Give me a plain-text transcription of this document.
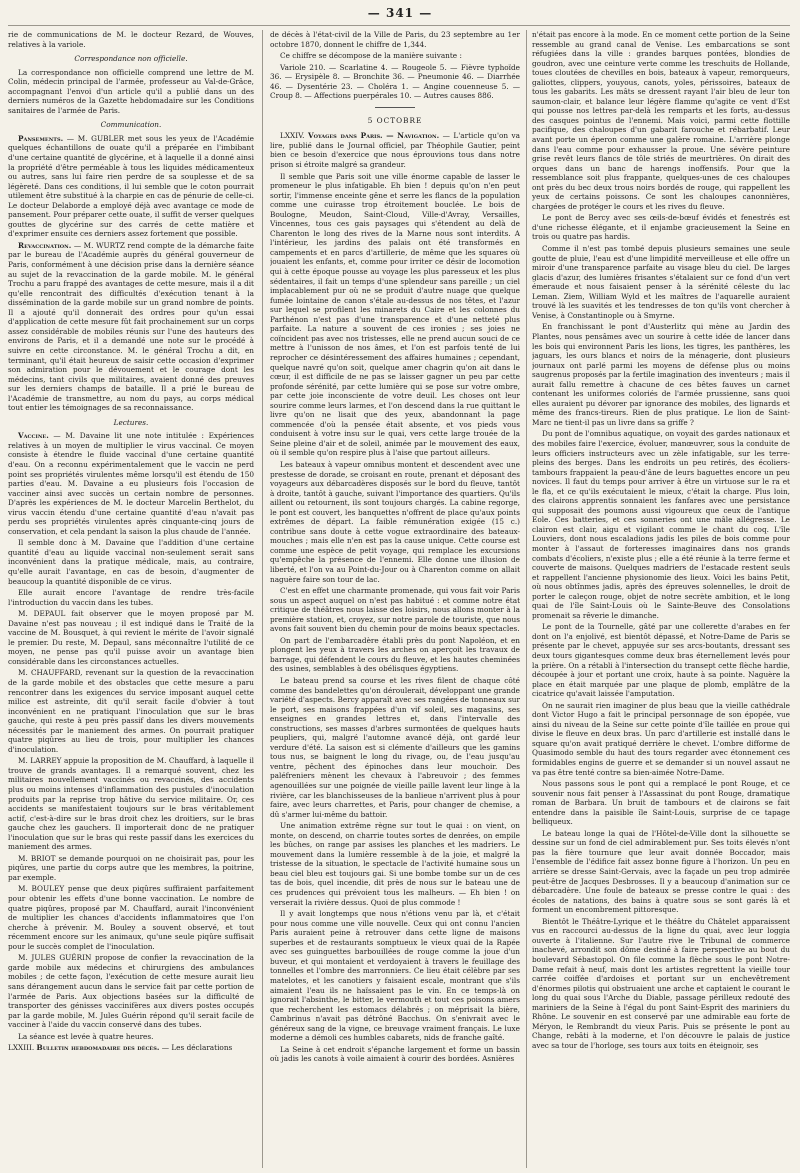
— 341 —

rie de communications de M. le docteur Rezard, de Wouves, relatives à la variole.

Correspondance non officielle.

La correspondance non officielle comprend une lettre de M. Colin, médecin principal de l'armée, professeur au Val-de-Grâce, accompagnant l'envoi d'un article qu'il a publié dans un des derniers numéros de la Gazette hebdomadaire sur les Conditions sanitaires de l'armée de Paris.

Communication.

Pansements. — M. GUBLER met sous les yeux de l'Académie quelques échantillons de ouate qu'il a préparée en l'imbibant d'une certaine quantité de glycérine, et à laquelle il a donné ainsi la propriété d'être perméable à tous les liquides médicamenteux ou autres, sans lui faire rien perdre de sa souplesse et de sa légèreté. Dans ces conditions, il lui semble que le coton pourrait utilement être substitué à la charpie en cas de pénurie de celle-ci. Le docteur Delaborde a employé déjà avec avantage ce mode de pansement. Pour préparer cette ouate, il suffit de verser quelques gouttes de glycérine sur des carrés de cette matière et d'exprimer ensuite ces derniers assez fortement que possible.

Revaccination. — M. WURTZ rend compte de la démarche faite par le bureau de l'Académie auprès du général gouverneur de Paris, conformément à une décision prise dans la dernière séance au sujet de la revaccination de la garde mobile. M. le général Trochu a paru frappé des avantages de cette mesure, mais il a dit qu'elle rencontrait des difficultés d'exécution tenant à la dissémination de la garde mobile sur un grand nombre de points. Il a ajouté qu'il donnerait des ordres pour qu'un essai d'application de cette mesure fût fait prochainement sur un corps assez considérable de mobiles réunis sur l'une des hauteurs des environs de Paris, et il a demandé une note sur le procédé à suivre en cette circonstance. M. le général Trochu a dit, en terminant, qu'il était heureux de saisir cette occasion d'exprimer son admiration pour le dévouement et le courage dont les médecins, tant civils que militaires, avaient donné des preuves sur les derniers champs de bataille. Il a prié le bureau de l'Académie de transmettre, au nom du pays, au corps médical tout entier les témoignages de sa reconnaissance.

Lectures.

Vaccine. — M. Davaine lit une note intitulée : Expériences relatives à un moyen de multiplier le virus vaccinal. Ce moyen consiste à étendre le fluide vaccinal d'une certaine quantité d'eau. On a reconnu expérimentalement que le vaccin ne perd point ses propriétés virulentes même lorsqu'il est étendu de 150 parties d'eau. M. Davaine a eu plusieurs fois l'occasion de vacciner ainsi avec succès un certain nombre de personnes. D'après les expériences de M. le docteur Marcelin Berthelot, du virus vaccin étendu d'une certaine quantité d'eau n'avait pas perdu ses propriétés virulentes après cinquante-cinq jours de conservation, et cela pendant la saison la plus chaude de l'année.

Il semble donc à M. Davaine que l'addition d'une certaine quantité d'eau au liquide vaccinal non-seulement serait sans inconvénient dans la pratique médicale, mais, au contraire, qu'elle aurait l'avantage, en cas de besoin, d'augmenter de beaucoup la quantité disponible de ce virus.

Elle aurait encore l'avantage de rendre très-facile l'introduction du vaccin dans les tubes.

M. DEPAUL fait observer que le moyen proposé par M. Davaine n'est pas nouveau ; il est indiqué dans le Traité de la vaccine de M. Bousquet, à qui revient le mérite de l'avoir signalé le premier. Du reste, M. Depaul, sans méconnaître l'utilité de ce moyen, ne pense pas qu'il puisse avoir un avantage bien considérable dans les circonstances actuelles.

M. CHAUFFARD, revenant sur la question de la revaccination de la garde mobile et des obstacles que cette mesure a paru rencontrer dans les exigences du service imposant auquel cette milice est astreinte, dit qu'il serait facile d'obvier à tout inconvénient en ne pratiquant l'inoculation que sur le bras gauche, qui reste à peu près passif dans les divers mouvements nécessités par le maniement des armes. On pourrait pratiquer quatre piqûres au lieu de trois, pour multiplier les chances d'inoculation.

M. LARREY appuie la proposition de M. Chauffard, à laquelle il trouve de grands avantages. Il a remarqué souvent, chez les militaires nouvellement vaccinés ou revaccinés, des accidents plus ou moins intenses d'inflammation des pustules d'inoculation produits par la reprise trop hâtive du service militaire. Or, ces accidents se manifestaient toujours sur le bras véritablement actif, c'est-à-dire sur le bras droit chez les droitiers, sur le bras gauche chez les gauchers. Il importerait donc de ne pratiquer l'inoculation que sur le bras qui reste passif dans les exercices du maniement des armes.

M. BRIOT se demande pourquoi on ne choisirait pas, pour les piqûres, une partie du corps autre que les membres, la poitrine, par exemple.

M. BOULEY pense que deux piqûres suffiraient parfaitement pour obtenir les effets d'une bonne vaccination. Le nombre de quatre piqûres, proposé par M. Chauffard, aurait l'inconvénient de multiplier les chances d'accidents inflammatoires que l'on cherche à prévenir. M. Bouley a souvent observé, et tout récemment encore sur les animaux, qu'une seule piqûre suffisait pour le succès complet de l'inoculation.

M. JULES GUÉRIN propose de confier la revaccination de la garde mobile aux médecins et chirurgiens des ambulances mobiles ; de cette façon, l'exécution de cette mesure aurait lieu sans dérangement aucun dans le service fait par cette portion de l'armée de Paris. Aux objections basées sur la difficulté de transporter des génisses vaccinifères aux divers postes occupés par la garde mobile, M. Jules Guérin répond qu'il serait facile de vacciner à l'aide du vaccin conservé dans des tubes.

La séance est levée à quatre heures.

LXXIII. Bulletin hebdomadaire des décès. — Les déclarations

de décès à l'état-civil de la Ville de Paris, du 23 septembre au 1er octobre 1870, donnent le chiffre de 1,344.

Ce chiffre se décompose de la manière suivante :

Variole 210. — Scarlatine 4. — Rougeole 5. — Fièvre typhoïde 36. — Erysipèle 8. — Bronchite 36. — Pneumonie 46. — Diarrhée 46. — Dysentérie 23. — Choléra 1. — Angine couenneuse 5. — Croup 8. — Affections puerpérales 10. — Autres causes 886.

5 OCTOBRE

LXXIV. Voyages dans Paris. — Navigation. — L'article qu'on va lire, publié dans le Journal officiel, par Théophile Gautier, peint bien ce besoin d'exercice que nous éprouvions tous dans notre prison si étroite malgré sa grandeur.

Il semble que Paris soit une ville énorme capable de lasser le promeneur le plus infatigable. Eh bien ! depuis qu'on n'en peut sortir, l'immense enceinte gêne et serre les flancs de la population comme une cuirasse trop étroitement bouclée. Le bois de Boulogne, Meudon, Saint-Cloud, Ville-d'Avray, Versailles, Vincennes, tous ces gais paysages qui s'étendent au delà de Charenton le long des rives de la Marne nous sont interdits. A l'intérieur, les jardins des palais ont été transformés en campements et en parcs d'artillerie, de même que les squares où jouaient les enfants, et, comme pour irriter ce désir de locomotion qui à cette époque pousse au voyage les plus paresseux et les plus sédentaires, il fait un temps d'une splendeur sans pareille ; un ciel implacablement pur où ne se produit d'autre nuage que quelque fumée lointaine de canon s'étale au-dessus de nos têtes, et l'azur sur lequel se profilent les minarets du Caire et les colonnes du Parthénon n'est pas d'une transparence et d'une netteté plus parfaite. La nature a souvent de ces ironies ; ses joies ne coïncident pas avec nos tristesses, elle ne prend aucun souci de ce mettre à l'unisson de nos âmes, et l'on est parfois tenté de lui reprocher ce désintéressement des affaires humaines ; cependant, quelque navré qu'on soit, quelque amer chagrin qu'on ait dans le cœur, il est difficile de ne pas se laisser gagner un peu par cette profonde sérénité, par cette lumière qui se pose sur votre ombre, par cette joie inconsciente de votre deuil. Les choses ont leur sourire comme leurs larmes, et l'on descend dans la rue quittant le livre qu'on ne lisait que des yeux, abandonnant la page commencée d'où la pensée était absente, et vos pieds vous conduisent à votre insu sur le quai, vers cette large trouée de la Seine pleine d'air et de soleil, animée par le mouvement des eaux, où il semble qu'on respire plus à l'aise que partout ailleurs.

Les bateaux à vapeur omnibus montent et descendent avec une prestesse de dorade, se croisant en route, prenant et déposant des voyageurs aux débarcadères disposés sur le bord du fleuve, tantôt à droite, tantôt à gauche, suivant l'importance des quartiers. Qu'ils aillent ou retournent, ils sont toujours chargés. La cabine regorge, le pont est couvert, les banquettes n'offrent de place qu'aux points extrêmes de départ. La faible rémunération exigée (15 c.) contribue sans doute à cette vogue extraordinaire des bateaux-mouches ; mais elle n'en est pas la cause unique. Cette course est comme une espèce de petit voyage, qui remplace les excursions qu'empêche la présence de l'ennemi. Elle donne une illusion de liberté, et l'on va au Point-du-Jour ou à Charenton comme on allait naguère faire son tour de lac.

C'est en effet une charmante promenade, qui vous fait voir Paris sous un aspect auquel on n'est pas habitué : et comme notre état critique de théâtres nous laisse des loisirs, nous allons monter à la première station, et, croyez, sur notre parole de touriste, que nous avons fait souvent bien du chemin pour de moins beaux spectacles.

On part de l'embarcadère établi près du pont Napoléon, et en plongent les yeux à travers les arches on aperçoit les travaux de barrage, qui défendent le cours du fleuve, et les hautes cheminées des usines, semblables à des obélisques égyptiens.

Le bateau prend sa course et les rives filent de chaque côté comme des bandelettes qu'on déroulerait, développant une grande variété d'aspects. Bercy apparaît avec ses rangées de tonneaux sur le port, ses maisons frappées d'un vif soleil, ses magasins, ses enseignes en grandes lettres et, dans l'intervalle des constructions, ses masses d'arbres surmontées de quelques hauts peupliers, qui, malgré l'automne avancé déjà, ont gardé leur verdure d'été. La saison est si clémente d'ailleurs que les gamins tous nus, se baignent le long du rivage, ou, de l'eau jusqu'au ventre, pêchent des épinoches dans leur mouchoir. Des paléfreniers mènent les chevaux à l'abreuvoir ; des femmes agenouillées sur une poignée de vieille paille lavent leur linge à la rivière, car les blanchisseuses de la banlieue n'arrivent plus à pour faire, avec leurs charrettes, et Paris, pour changer de chemise, a dû s'armer lui-même du battoir.

Une animation extrême règne sur tout le quai : on vient, on monte, on descend, on charrie toutes sortes de denrées, on empile les bûches, on range par assises les planches et les madriers. Le mouvement dans la lumière ressemble à de la joie, et malgré la tristesse de la situation, le spectacle de l'activité humaine sous un beau ciel bleu est toujours gai. Si une bombe tombe sur un de ces tas de bois, quel incendie, dit près de nous sur le bateau une de ces prudences qui prévoient tous les malheurs. — Eh bien ! on verserait la rivière dessus. Quoi de plus commode !

Il y avait longtemps que nous n'étions venu par là, et c'était pour nous comme une ville nouvelle. Ceux qui ont connu l'ancien Paris auraient peine à retrouver dans cette ligne de maisons superbes et de restaurants somptueux le vieux quai de la Rapée avec ses guinguettes barbouillées de rouge comme la joue d'un buveur, et qui montaient et verdoyaient à travers le feuillage des tonnelles et l'ombre des marronniers. Ce lieu était célèbre par ses matelotes, et les canotiers y faisaient escale, montrant que s'ils aimaient l'eau ils ne haïssaient pas le vin. En ce temps-là on ignorait l'absinthe, le bitter, le vermouth et tout ces poisons amers que recherchent les estomacs délabrés ; on méprisait la bière, Cambrinus n'avait pas détrôné Bacchus. On s'enivrait avec le généreux sang de la vigne, ce breuvage vraiment français. Le luxe moderne a démoli ces humbles cabarets, nids de franche gaîté.

La Seine à cet endroit s'épanche largement et forme un bassin où jadis les canots à voile aimaient à courir des bordées. Asnières

n'était pas encore à la mode. En ce moment cette portion de la Seine ressemble au grand canal de Venise. Les embarcations se sont réfugiées dans la ville : grandes barques pontées, blondies de goudron, avec une ceinture verte comme les treschuits de Hollande, toues cloutées de chevilles en bois, bateaux à vapeur, remorqueurs, galiottes, clippers, youyous, canots, yoles, périssoires, bateaux de tous les gabarits. Les mâts se dressent rayant l'air bleu de leur ton saumon-clair, et balance leur légère flamme qu'agite ce vent d'Est qui pousse nos lettres par-delà les remparts et les forts, au-dessus des casques pointus de l'ennemi. Mais voici, parmi cette flottille pacifique, des chaloupes d'un gabarit farouche et rébarbatif. Leur avant porte un éperon comme une galère romaine. L'arrière plonge dans l'eau comme pour exhausser la proue. Une sévère peinture grise revêt leurs flancs de tôle striés de meurtrières. On dirait des orques dans un banc de harengs inoffensifs. Pour que la ressemblance soit plus frappante, quelques-unes de ces chaloupes ont près du bec deux trous noirs bordés de rouge, qui rappellent les yeux de certains poissons. Ce sont les chaloupes canonnières, chargées de protéger le cours et les rives du fleuve.

Le pont de Bercy avec ses œils-de-bœuf évidés et fenestrés est d'une richesse élégante, et il enjambe gracieusement la Seine en trois ou quatre pas hardis.

Comme il n'est pas tombé depuis plusieurs semaines une seule goutte de pluie, l'eau est d'une limpidité merveilleuse et elle offre un miroir d'une transparence parfaite au visage bleu du ciel. De larges glacis d'azur, des lumières frisantes s'étalaient sur ce fond d'un vert émeraude et nous faisaient penser à la sérénité céleste du lac Leman. Ziem, William Wyld et les maîtres de l'aquarelle auraient trouvé là les suavités et les tendresses de ton qu'ils vont chercher à Venise, à Constantinople ou à Smyrne.

En franchissant le pont d'Austerlitz qui mène au Jardin des Plantes, nous pensâmes avec un sourire à cette idée de lancer dans les bois qui environnent Paris les lions, les tigres, les panthères, les jaguars, les ours blancs et noirs de la ménagerie, dont plusieurs journaux ont parlé parmi les moyens de défense plus ou moins saugrenus proposés par la fertile imagination des inventeurs ; mais il aurait fallu remettre à chacune de ces bêtes fauves un carnet contenant les uniformes coloriés de l'armée prussienne, sans quoi elles auraient pu dévorer par ignorance des mobiles, des lignards et même des francs-tireurs. Rien de plus pratique. Le lion de Saint-Marc ne tient-il pas un livre dans sa griffe ?

Du pont de l'omnibus aquatique, on voyait des gardes nationaux et des mobiles faire l'exercice, évoluer, manœuvrer, sous la conduite de leurs officiers instructeurs avec un zèle infatigable, sur les terre-pleins des berges. Dans les endroits un peu retirés, des écoliers-tambours frappaient la peau-d'âne de leurs baguettes encore un peu novices. Il faut du temps pour arriver à être un virtuose sur le ra et le fla, et ce qu'ils exécutaient le mieux, c'était la charge. Plus loin, des clairons apprentis sonnaient les fanfares avec une persistance qui supposait des poumons aussi vigoureux que ceux de l'antique Eole. Ces batteries, et ces sonneries ont une mâle allégresse. Le clairon est clair, aigu et vigilant comme le chant du coq. L'île Louviers, dont nous escaladions jadis les piles de bois comme pour monter à l'assaut de forteresses imaginaires dans nos grands combats d'écoliers, n'existe plus ; elle a été réunie à la terre ferme et couverte de maisons. Quelques madriers de l'estacade restent seuls et rappellent l'ancienne physionomie des lieux. Voici les bains Petit, où nous obtînmes jadis, après des épreuves solennelles, le droit de porter le caleçon rouge, objet de notre secrète ambition, et le long quai de l'île Saint-Louis où le Sainte-Beuve des Consolations promenait sa rêverie le dimanche.

Le pont de la Tournelle, gâté par une collerette d'arabes en fer dont on l'a enjolivé, est bientôt dépassé, et Notre-Dame de Paris se présente par le chevet, appuyée sur ses arcs-boutants, dressant ses deux tours gigantesques comme deux bras éternellement levés pour la prière. On a rétabli à l'intersection du transept cette flèche hardie, découpée à jour et portant une croix, haute à sa pointe. Naguère la place en était marquée par une plaque de plomb, emplâtre de la cicatrice qu'avait laissée l'amputation.

On ne saurait rien imaginer de plus beau que la vieille cathédrale dont Victor Hugo a fait le principal personnage de son épopée, vue ainsi du niveau de la Seine sur cette pointe d'île taillée en proue qui divise le fleuve en deux bras. Un parc d'artillerie est installé dans le square qu'on avait pratiqué derrière le chevet. L'ombre difforme de Quasimodo semble du haut des tours regarder avec étonnement ces formidables engins de guerre et se demander si un nouvel assaut ne va pas être tenté contre sa bien-aimée Notre-Dame.

Nous passons sous le pont qui a remplacé le pont Rouge, et ce souvenir nous fait penser à l'Assassinat du pont Rouge, dramatique roman de Barbara. Un bruit de tambours et de clairons se fait entendre dans la paisible île Saint-Louis, surprise de ce tapage belliqueux.

Le bateau longe la quai de l'Hôtel-de-Ville dont la silhouette se dessine sur un fond de ciel admirablement pur. Ses toits élevés n'ont pas la fière tournure que leur avait donnée Boccador, mais l'ensemble de l'édifice fait assez bonne figure à l'horizon. Un peu en arrière se dresse Saint-Gervais, avec la façade un peu trop admirée peut-être de Jacques Desbrosses. Il y a beaucoup d'animation sur ce débarcadère. Une foule de bateaux se presse contre le quai : des écoles de natations, des bains à quatre sous se sont garés là et forment un encombrement pittoresque.

Bientôt le Théâtre-Lyrique et le théâtre du Châtelet apparaissent vus en raccourci au-dessus de la ligne du quai, avec leur loggia ouverte à l'italienne. Sur l'autre rive le Tribunal de commerce inachevé, arrondit son dôme destiné à faire perspective au bout du boulevard Sébastopol. On file comme la flèche sous le pont Notre-Dame refait à neuf, mais dont les artistes regrettent la vieille tour carrée coiffée d'ardoises et portant sur un enchevêtrement d'énormes pilotis qui obstruaient une arche et captaient le courant le long du quai sous l'Arche du Diable, passage périlleux redouté des mariniers de la Seine à l'égal du pont Saint-Esprit des mariniers du Rhône. Le souvenir en est conservé par une admirable eau forte de Méryon, le Rembrandt du vieux Paris. Puis se présente le pont au Change, rebâti à la moderne, et l'on découvre le palais de justice avec sa tour de l'horloge, ses tours aux toits en éteignoir, ses
